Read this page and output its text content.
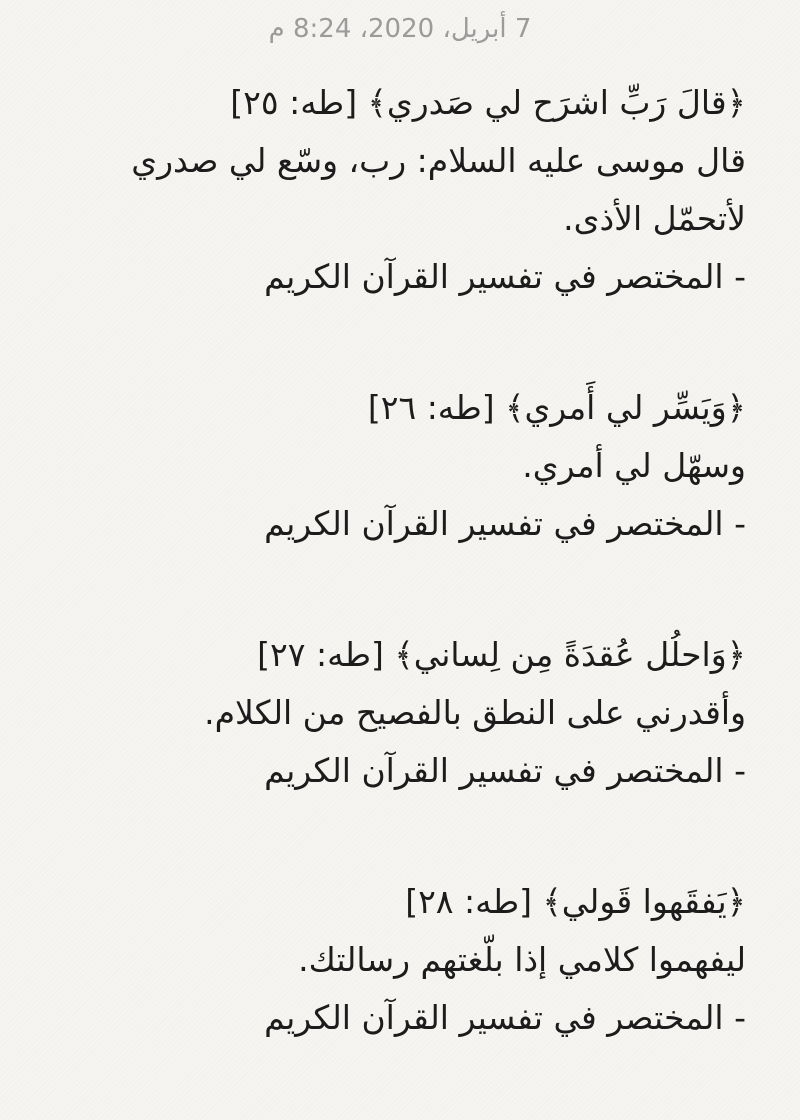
7 أبريل، 2020، 8:24 م
﴿قالَ رَبِّ اشرَح لي صَدري﴾ [طه: ٢٥]
قال موسى عليه السلام: رب، وسّع لي صدري
لأتحمّل الأذى.
- المختصر في تفسير القرآن الكريم
﴿وَيَسِّر لي أَمري﴾ [طه: ٢٦]
وسهّل لي أمري.
- المختصر في تفسير القرآن الكريم
﴿وَاحلُل عُقدَةً مِن لِساني﴾ [طه: ٢٧]
وأقدرني على النطق بالفصيح من الكلام.
- المختصر في تفسير القرآن الكريم
﴿يَفقَهوا قَولي﴾ [طه: ٢٨]
ليفهموا كلامي إذا بلّغتهم رسالتك.
- المختصر في تفسير القرآن الكريم
